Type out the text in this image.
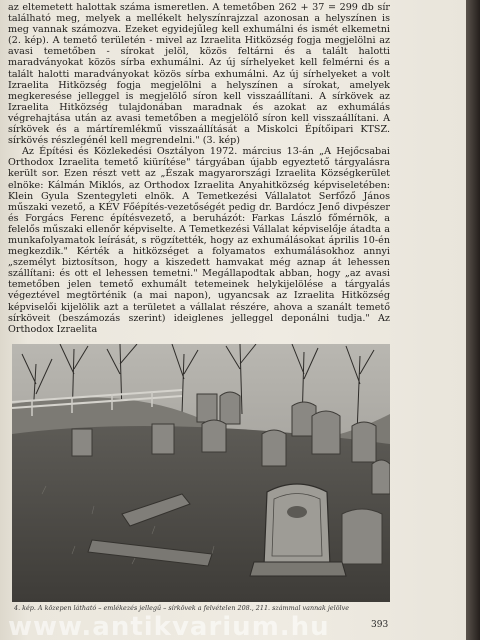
az eltemetett halottak száma ismeretlen. A temetőben 262 + 37 = 299 db sír található meg, melyek a mellékelt helyszínrajzzal azonosan a helyszínen is meg vannak számozva. Ezeket egyidejűleg kell exhumálni és ismét elkemetni (2. kép). A temető területén - mivel az Izraelita Hitközség fogja megjelölni az avasi temetőben - sírokat jelöl, közös feltárni és a talált halotti maradványokat közös sírba exhumálni. Az új sírhelyeket kell felmérni és a talált halotti maradványokat közös sírba exhumálni. Az új sírhelyeket a volt Izraelita Hitközség fogja megjelölni a helyszínen a sírokat, amelyek megkeresése jelleggel is megjelölő síron kell visszaállítani. A sírkövek az Izraelita Hitközség tulajdonában maradnak és azokat az exhumálás végrehajtása után az avasi temetőben a megjelölő síron kell visszaállítani. A sírkövek és a mártíremlékmű visszaállítását a Miskolci Építőipari KTSZ. sírkövés részlegénél kell megrendelni." (3. kép)

Az Építési és Közlekedési Osztályon 1972. március 13-án „A Hejőcsabai Orthodox Izraelita temető kiürítése" tárgyában újabb egyeztető tárgyalásra került sor. Ezen részt vett az „Észak magyarországi Izraelita Községkerület elnöke: Kálmán Miklós, az Orthodox Izraelita Anyahitközség képviseletében: Klein Gyula Szentegyleti elnök. A Temetkezési Vállalatot Serfőző János műszaki vezető, a KÉV Főépítés-vezetőségét pedig dr. Bardócz Jenő divpészer és Forgács Ferenc építésvezető, a beruházót: Farkas László főmérnök, a felelős műszaki ellenőr képviselte. A Temetkezési Vállalat képviselője átadta a munkafolyamatok leírását, s rögzítették, hogy az exhumálásokat április 10-én megkezdik." Kérték a hitközséget a folyamatos exhumálásokhoz annyi „személyt biztosítson, hogy a kiszedett hamvakat még aznap át lehessen szállítani: és ott el lehessen temetni." Megállapodtak abban, hogy „az avasi temetőben jelen temető exhumált tetemeinek helykijelölése a tárgyalás végeztével megtörténik (a mai napon), ugyancsak az Izraelita Hitközség képviselői kijelölik azt a területet a vállalat részére, ahova a szanált temető sírköveit (beszámozás szerint) ideiglenes jelleggel deponálni tudja." Az Orthodox Izraelita

4. kép. A közepen látható – emlékezés jellegű – sírkövek a felvételen 208., 211. számmal vannak jelölve
393
www.antikvarium.hu
